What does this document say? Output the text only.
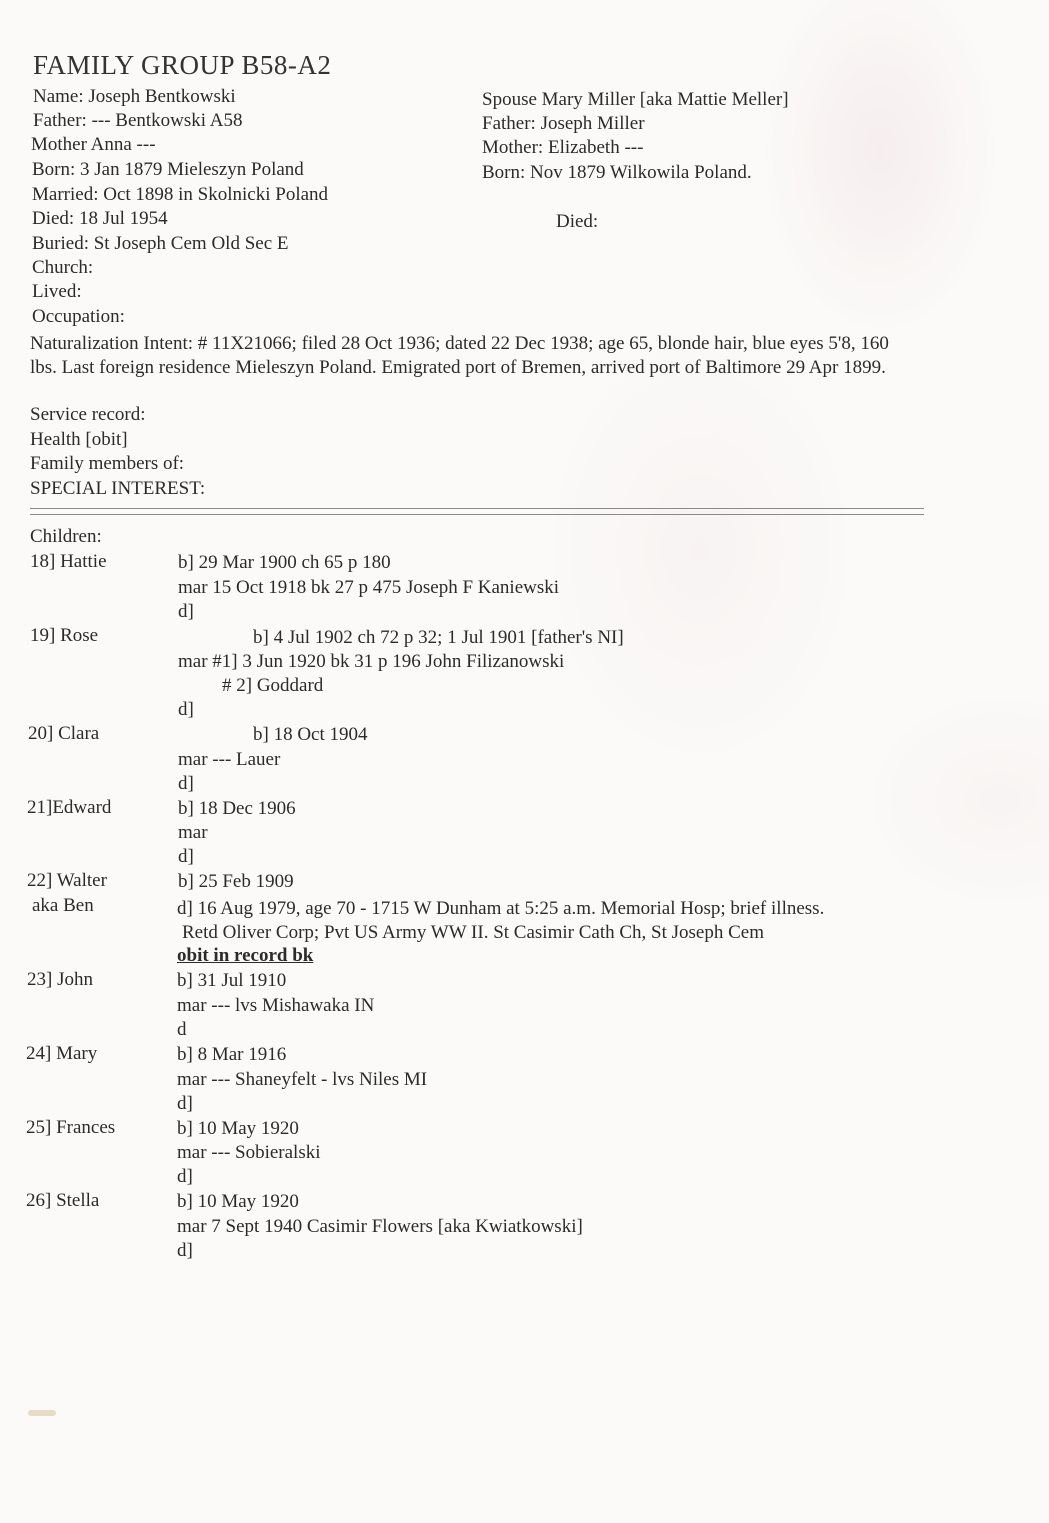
FAMILY GROUP B58-A2
Name: Joseph Bentkowski
Father: --- Bentkowski A58
Mother Anna ---
Born: 3 Jan 1879 Mieleszyn Poland
Married: Oct 1898 in Skolnicki Poland
Died: 18 Jul 1954
Buried: St Joseph Cem Old Sec E
Church:
Lived:
Occupation:
Spouse Mary Miller [aka Mattie Meller]
Father: Joseph Miller
Mother: Elizabeth ---
Born: Nov 1879 Wilkowila Poland.
Died:
Naturalization Intent: # 11X21066; filed 28 Oct 1936; dated 22 Dec 1938; age 65, blonde hair, blue eyes 5'8, 160 lbs. Last foreign residence Mieleszyn Poland. Emigrated port of Bremen, arrived port of Baltimore 29 Apr 1899.
Service record:
Health [obit]
Family members of:
SPECIAL INTEREST:
Children:
18] Hattie	b] 29 Mar 1900 ch 65 p 180
mar 15 Oct 1918 bk 27 p 475 Joseph F Kaniewski
d]
19] Rose	b] 4 Jul 1902 ch 72 p 32; 1 Jul 1901 [father's NI]
mar #1] 3 Jun 1920 bk 31 p 196 John Filizanowski
# 2] Goddard
d]
20] Clara	b] 18 Oct 1904
mar --- Lauer
d]
21]Edward	b] 18 Dec 1906
mar
d]
22] Walter
aka Ben
b] 25 Feb 1909
d] 16 Aug 1979, age 70 - 1715 W Dunham at 5:25 a.m. Memorial Hosp; brief illness.
Retd Oliver Corp; Pvt US Army WW II. St Casimir Cath Ch, St Joseph Cem
obit in record bk
23] John	b] 31 Jul 1910
mar --- lvs Mishawaka IN
d
24] Mary	b] 8 Mar 1916
mar --- Shaneyfelt - lvs Niles MI
d]
25] Frances	b] 10 May 1920
mar --- Sobieralski
d]
26] Stella	b] 10 May 1920
mar 7 Sept 1940 Casimir Flowers [aka Kwiatkowski]
d]
